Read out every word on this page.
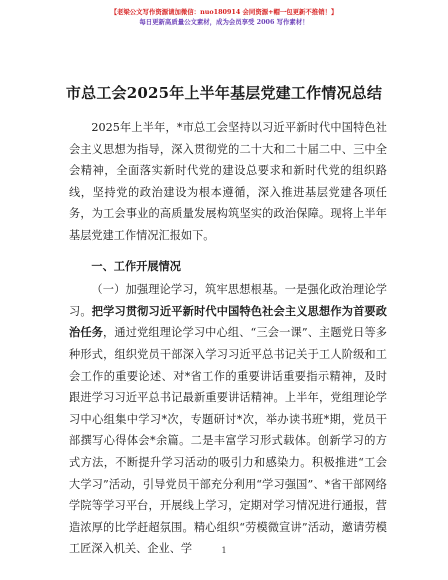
【老梁公文写作资源请加微信：nuo180914 会同资源+帽一包更新不推销！】
每日更新高质量公文素材，成为会员享受 2006 写作素材！
市总工会2025年上半年基层党建工作情况总结

2025年上半年，*市总工会坚持以习近平新时代中国特色社会主义思想为指导，深入贯彻党的二十大和二十届二中、三中全会精神，全面落实新时代党的建设总要求和新时代党的组织路线，坚持党的政治建设为根本遵循，深入推进基层党建各项任务，为工会事业的高质量发展构筑坚实的政治保障。现将上半年基层党建工作情况汇报如下。

一、工作开展情况

（一）加强理论学习，筑牢思想根基。一是强化政治理论学习。把学习贯彻习近平新时代中国特色社会主义思想作为首要政治任务，通过党组理论学习中心组、“三会一课”、主题党日等多种形式，组织党员干部深入学习习近平总书记关于工人阶级和工会工作的重要论述、对*省工作的重要讲话重要指示精神，及时跟进学习习近平总书记最新重要讲话精神。上半年，党组理论学习中心组集中学习*次，专题研讨*次，举办读书班*期，党员干部撰写心得体会*余篇。二是丰富学习形式载体。创新学习的方式方法，不断提升学习活动的吸引力和感染力。积极推进“工会大学习”活动，引导党员干部充分利用“学习强国”、*省干部网络学院等学习平台，开展线上学习，定期对学习情况进行通报，营造浓厚的比学赶超氛围。精心组织“劳模微宣讲”活动，邀请劳模工匠深入机关、企业、学	1
